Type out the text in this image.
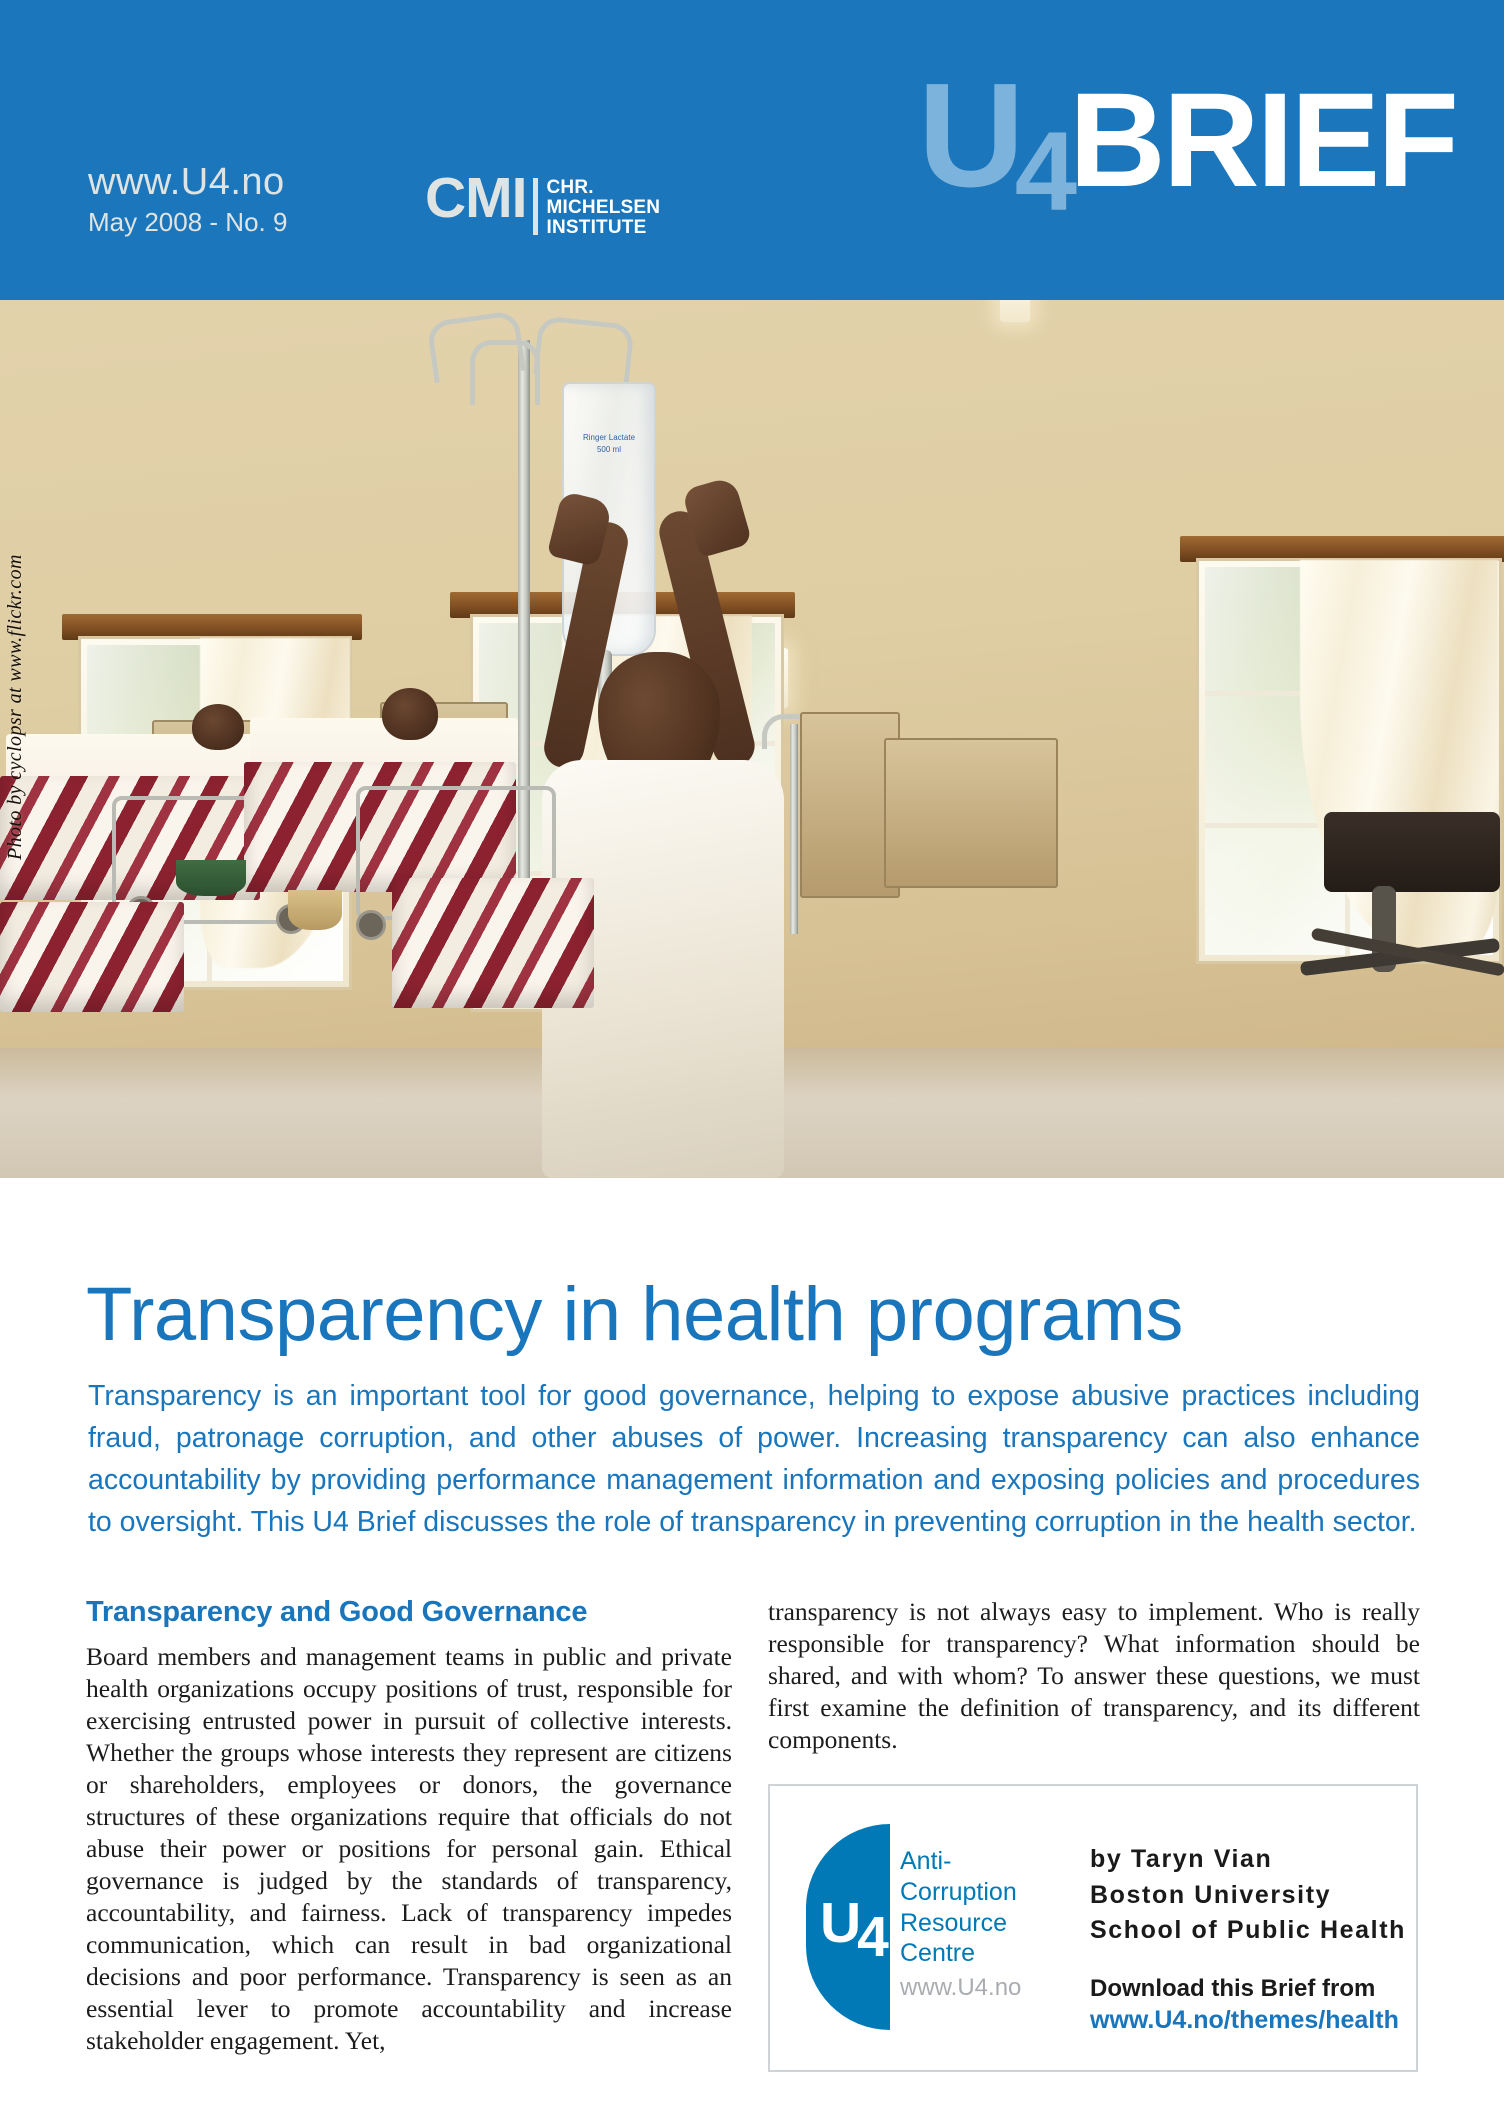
www.U4.no
May 2008 - No. 9 CMI CHR.
MICHELSEN
INSTITUTE
U
4
BRIEF
Ringer Lactate
500 ml
Photo by cyclopsr at www.flickr.com
Transparency in health programs

Transparency is an important tool for good governance, helping to expose abusive practices including fraud, patronage corruption, and other abuses of power. Increasing transparency can also enhance accountability by providing performance management information and exposing policies and procedures to oversight. This U4 Brief discusses the role of transparency in preventing corruption in the health sector.

Transparency and Good Governance

Board members and management teams in public and private health organizations occupy positions of trust, responsible for exercising entrusted power in pursuit of collective interests. Whether the groups whose interests they represent are citizens or shareholders, employees or donors, the governance structures of these organizations require that officials do not abuse their power or positions for personal gain. Ethical governance is judged by the standards of transparency, accountability, and fairness. Lack of transparency impedes communication, which can result in bad organizational decisions and poor performance. Transparency is seen as an essential lever to promote accountability and increase stakeholder engagement. Yet,

transparency is not always easy to implement. Who is really responsible for transparency? What information should be shared, and with whom? To answer these questions, we must first examine the definition of transparency, and its different components.

U4
Anti-
Corruption
Resource
Centre
www.U4.no
by Taryn Vian
Boston University
School of Public Health
Download this Brief from
www.U4.no/themes/health
